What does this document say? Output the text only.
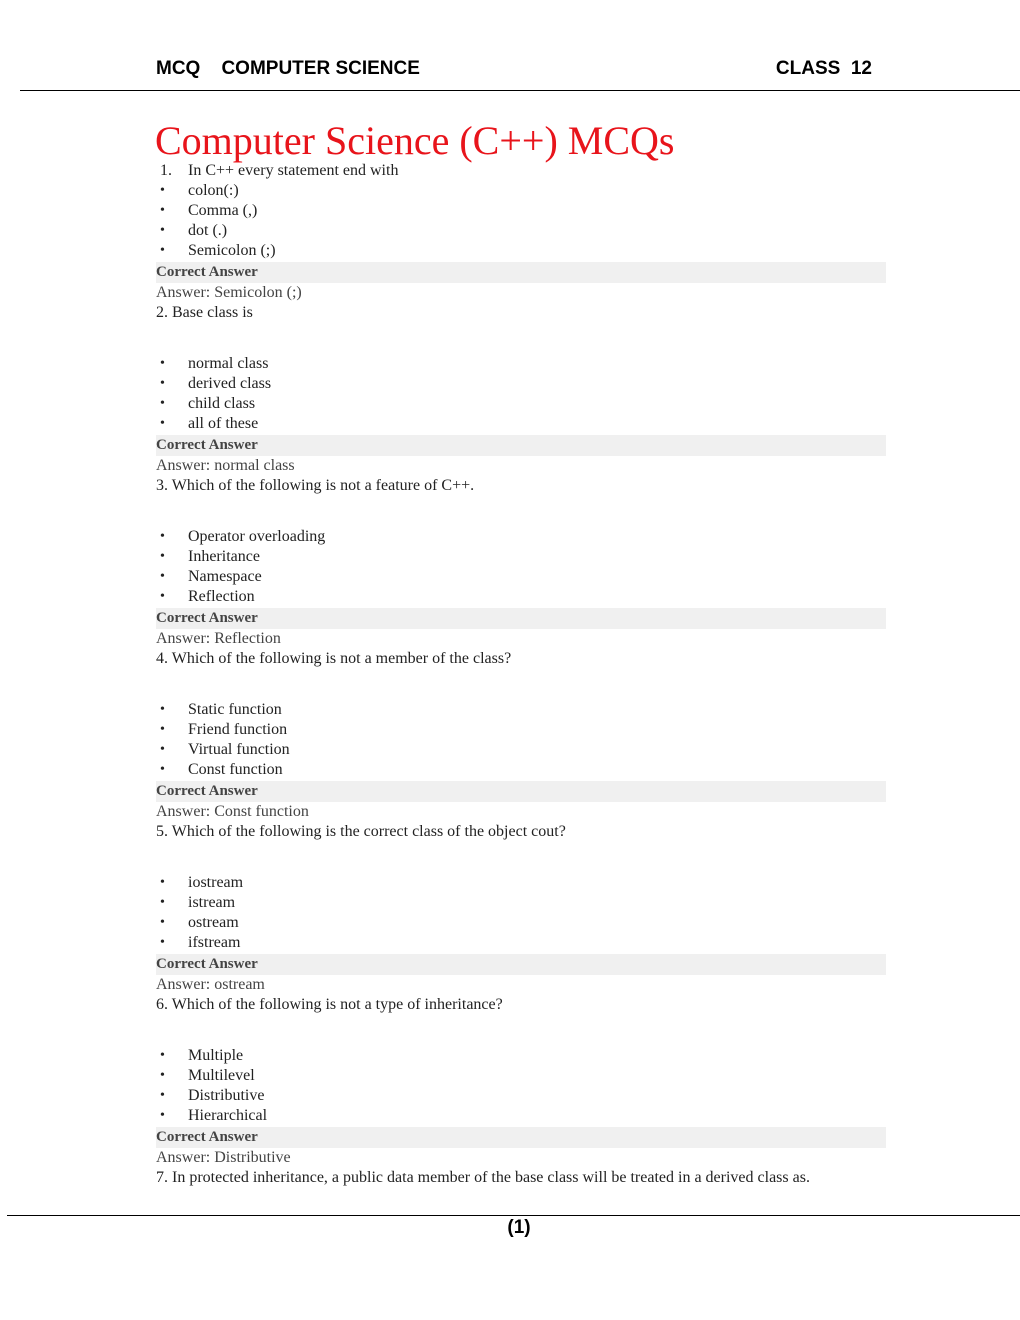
MCQ    COMPUTER SCIENCE	CLASS  12
Computer Science (C++) MCQs
1. In C++ every statement end with
• colon(:)
• Comma (,)
• dot (.)
• Semicolon (;)
Correct Answer
Answer: Semicolon (;)
2. Base class is
• normal class
• derived class
• child class
• all of these
Correct Answer
Answer: normal class
3. Which of the following is not a feature of C++.
• Operator overloading
• Inheritance
• Namespace
• Reflection
Correct Answer
Answer: Reflection
4. Which of the following is not a member of the class?
• Static function
• Friend function
• Virtual function
• Const function
Correct Answer
Answer: Const function
5. Which of the following is the correct class of the object cout?
• iostream
• istream
• ostream
• ifstream
Correct Answer
Answer: ostream
6. Which of the following is not a type of inheritance?
• Multiple
• Multilevel
• Distributive
• Hierarchical
Correct Answer
Answer: Distributive
7. In protected inheritance, a public data member of the base class will be treated in a derived class as.
(1)
